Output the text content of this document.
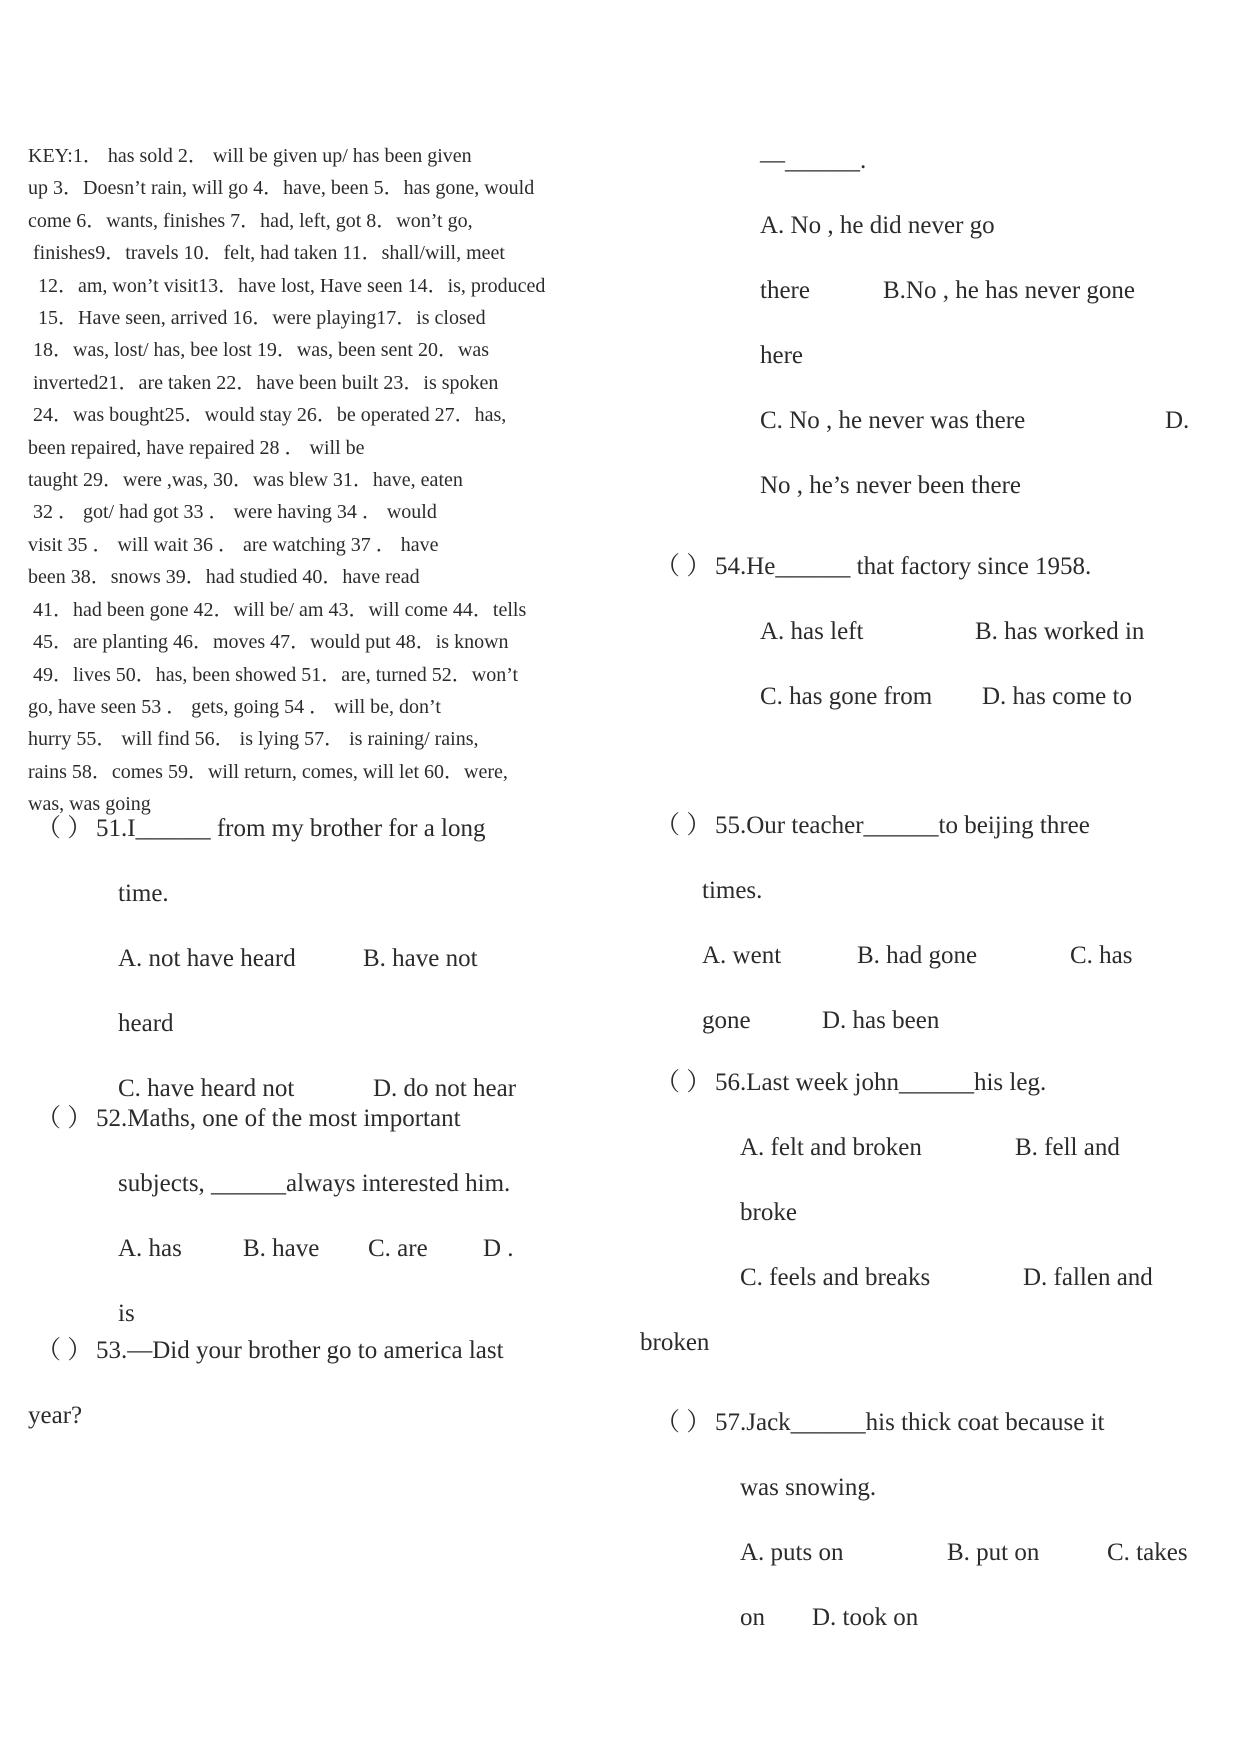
KEY:1． has sold 2． will be given up/ has been given
up 3．Doesn’t rain, will go 4．have, been 5．has gone, would
come 6．wants, finishes 7．had, left, got 8．won’t go,
finishes9．travels 10．felt, had taken 11．shall/will, meet
12．am, won’t visit13．have lost, Have seen 14．is, produced
15．Have seen, arrived 16．were playing17．is closed
18．was, lost/ has, bee lost 19．was, been sent 20．was
inverted21．are taken 22．have been built 23．is spoken
24．was bought25．would stay 26．be operated 27．has,
been repaired, have repaired 28 ． will be
taught 29．were ,was, 30．was blew 31．have, eaten
32 ． got/ had got 33 ． were having 34 ． would
visit 35 ． will wait 36 ． are watching 37 ． have
been 38．snows 39．had studied 40．have read
41．had been gone 42．will be/ am 43．will come 44．tells
45．are planting 46．moves 47．would put 48．is known
49．lives 50．has, been showed 51．are, turned 52．won’t
go, have seen 53 ． gets, going 54 ． will be, don’t
hurry 55． will find 56． is lying 57． is raining/ rains,
rains 58．comes 59．will return, comes, will let 60．were,
was, was going
（ ） 51.I______ from my brother for a long
time.
A. not have heard	B. have not
heard
C. have heard not	D. do not hear
（ ） 52.Maths, one of the most important
subjects, ______always interested him.
A. has B. have C. are D .
is
（ ） 53.—Did your brother go to america last
year?
—______.
A. No , he did never go
there	B.No , he has never gone
here
C. No , he never was there	D.
No , he’s never been there
（ ） 54.He______ that factory since 1958.
A. has left	B. has worked in
C. has gone from D. has come to
（ ） 55.Our teacher______to beijing three
times.
A. went	B. had gone	C. has
gone	D. has been
（ ） 56.Last week john______his leg.
A. felt and broken	B. fell and
broke
C. feels and breaks	D. fallen and
broken
（ ） 57.Jack______his thick coat because it
was snowing.
A. puts on	B. put on	C. takes
on D. took on
